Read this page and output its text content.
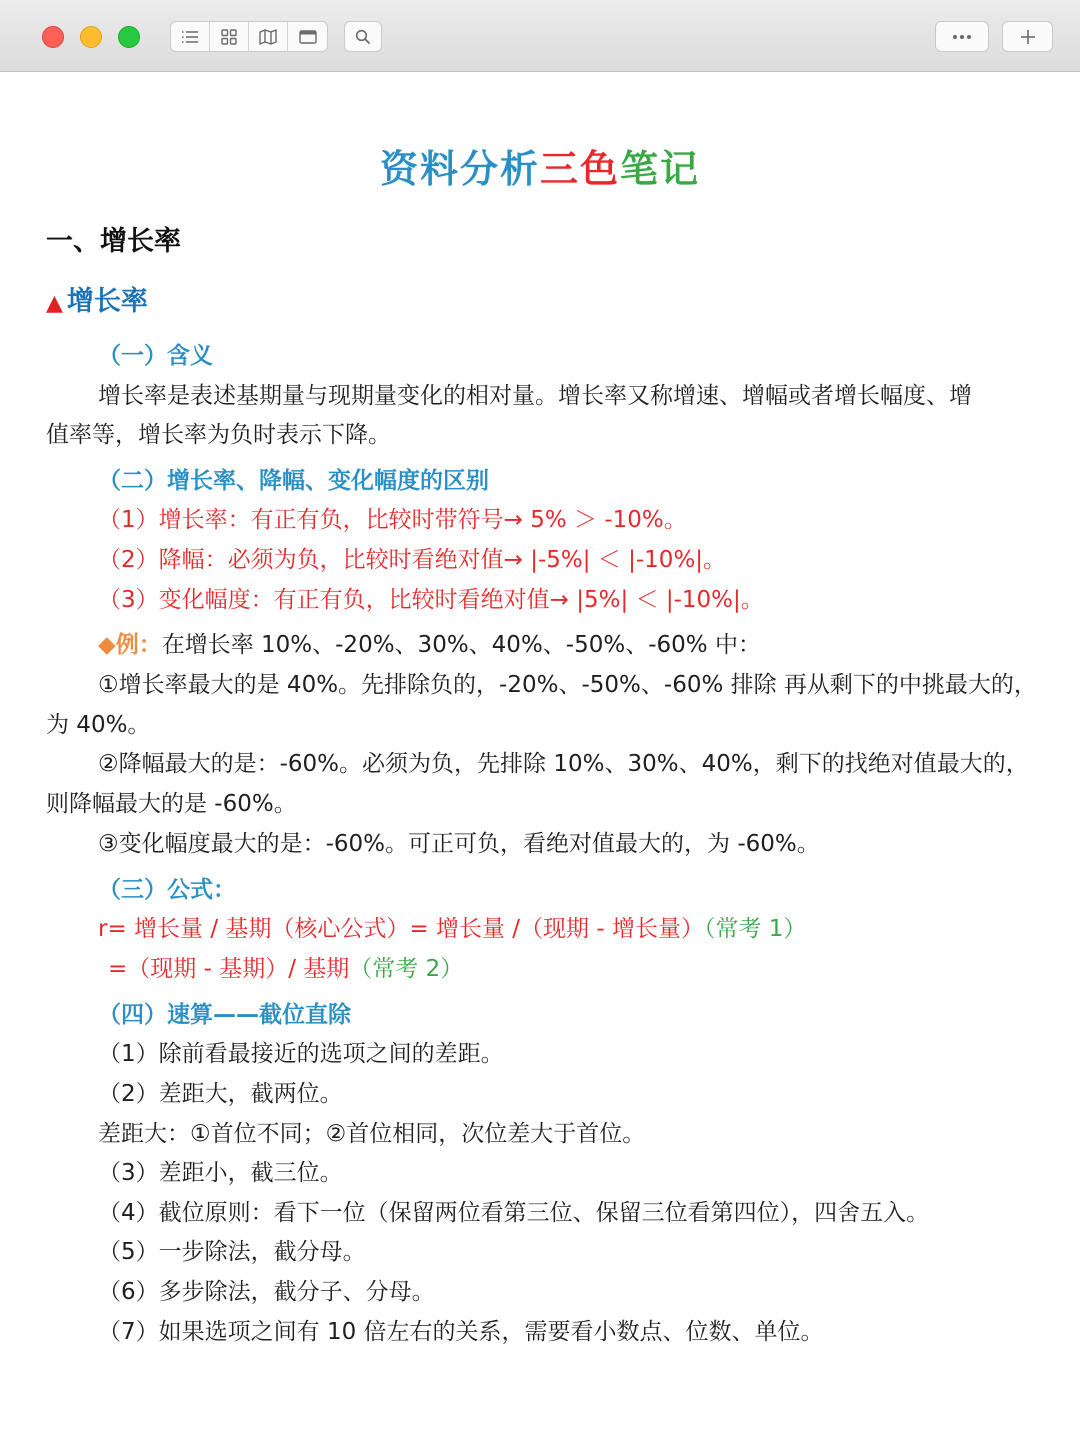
资料分析三色笔记
一、增长率
▲ 增长率
（一）含义
增长率是表述基期量与现期量变化的相对量。增长率又称增速、增幅或者增长幅度、增
值率等，增长率为负时表示下降。
（二）增长率、降幅、变化幅度的区别
（1）增长率：有正有负，比较时带符号→ 5% ＞ -10%。
（2）降幅：必须为负，比较时看绝对值→ |-5%| ＜ |-10%|。
（3）变化幅度：有正有负，比较时看绝对值→ |5%| ＜ |-10%|。
◆例：在增长率 10%、-20%、30%、40%、-50%、-60% 中：
①增长率最大的是 40%。先排除负的，-20%、-50%、-60% 排除 再从剩下的中挑最大的，
为 40%。
②降幅最大的是：-60%。必须为负，先排除 10%、30%、40%，剩下的找绝对值最大的，
则降幅最大的是 -60%。
③变化幅度最大的是：-60%。可正可负，看绝对值最大的，为 -60%。
（三）公式：
r= 增长量 / 基期（核心公式）= 增长量 /（现期 - 增长量）（常考 1）
=（现期 - 基期）/ 基期（常考 2）
（四）速算——截位直除
（1）除前看最接近的选项之间的差距。
（2）差距大，截两位。
差距大：①首位不同；②首位相同，次位差大于首位。
（3）差距小，截三位。
（4）截位原则：看下一位（保留两位看第三位、保留三位看第四位），四舍五入。
（5）一步除法，截分母。
（6）多步除法，截分子、分母。
（7）如果选项之间有 10 倍左右的关系，需要看小数点、位数、单位。
